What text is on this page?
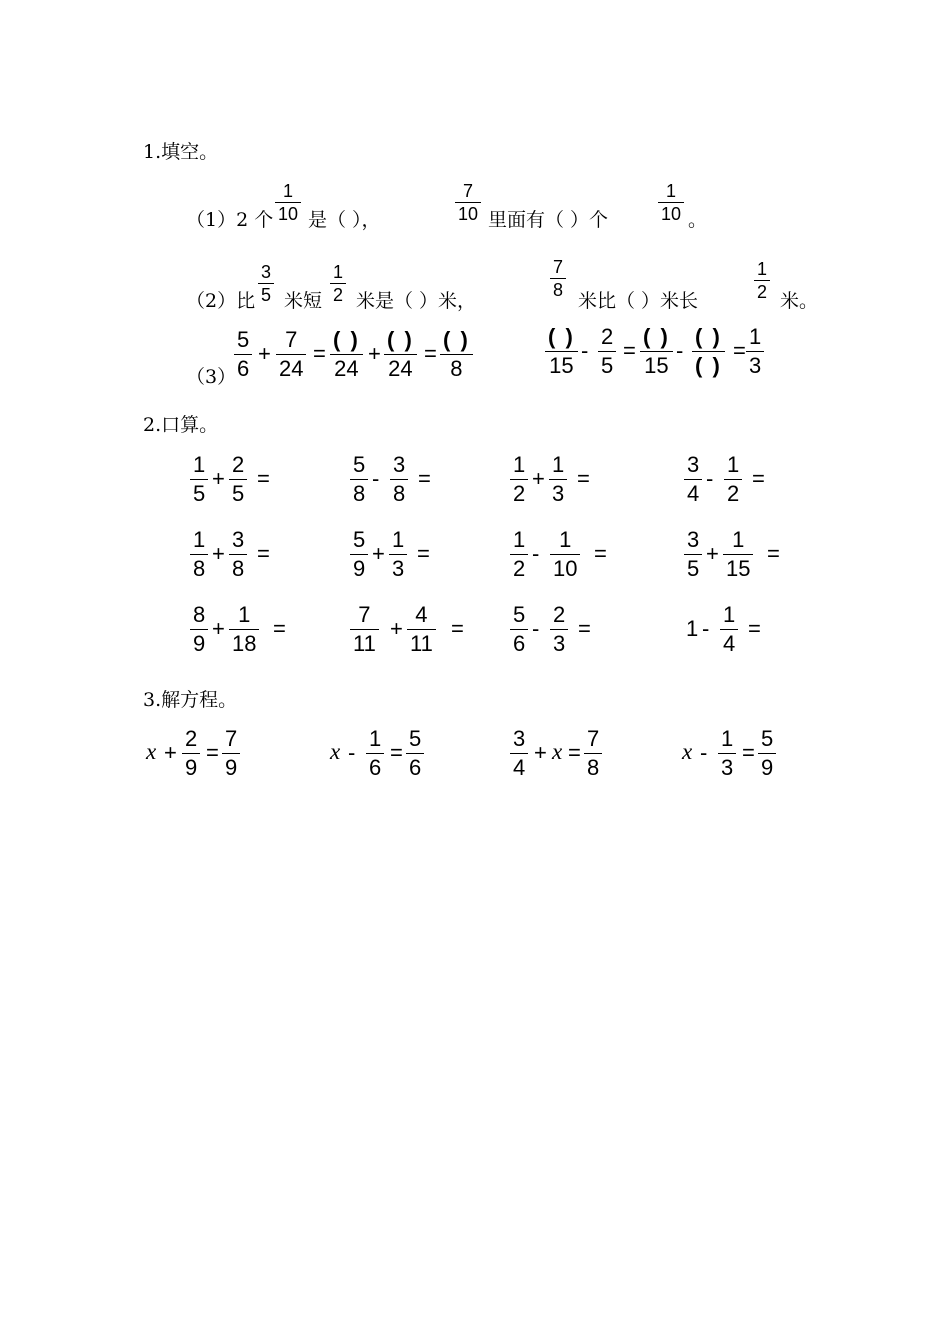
1.填空。
（1）2 个
1
10 是（ ），
7
10 里面有（ ）个
1
10 。
（2）比
3
5 米短
1
2 米是（ ）米，
7
8 米比（ ）米长
1
2 米。
（3）
5
6
+
7
24
=
( )
24
+
( )
24
=
( )
8
( )
15
-
2
5
=
( )
15
-
( )
( )
=
1
3
2.口算。
1
5
+
2
5
=
5
8
-
3
8
=
1
2
+
1
3
=
3
4
-
1
2
=
1
8
+
3
8
=
5
9
+
1
3
=
1
2
-
1
10
=
3
5
+
1
15
=
8
9
+
1
18
=
7
11
+
4
11
=
5
6
-
2
3
=	1 -
1
4
=
3.解方程。
x +
2
9
=
7
9
x -
1
6
=
5
6
3
4
+ x =
7
8
x -
1
3
=
5
9
